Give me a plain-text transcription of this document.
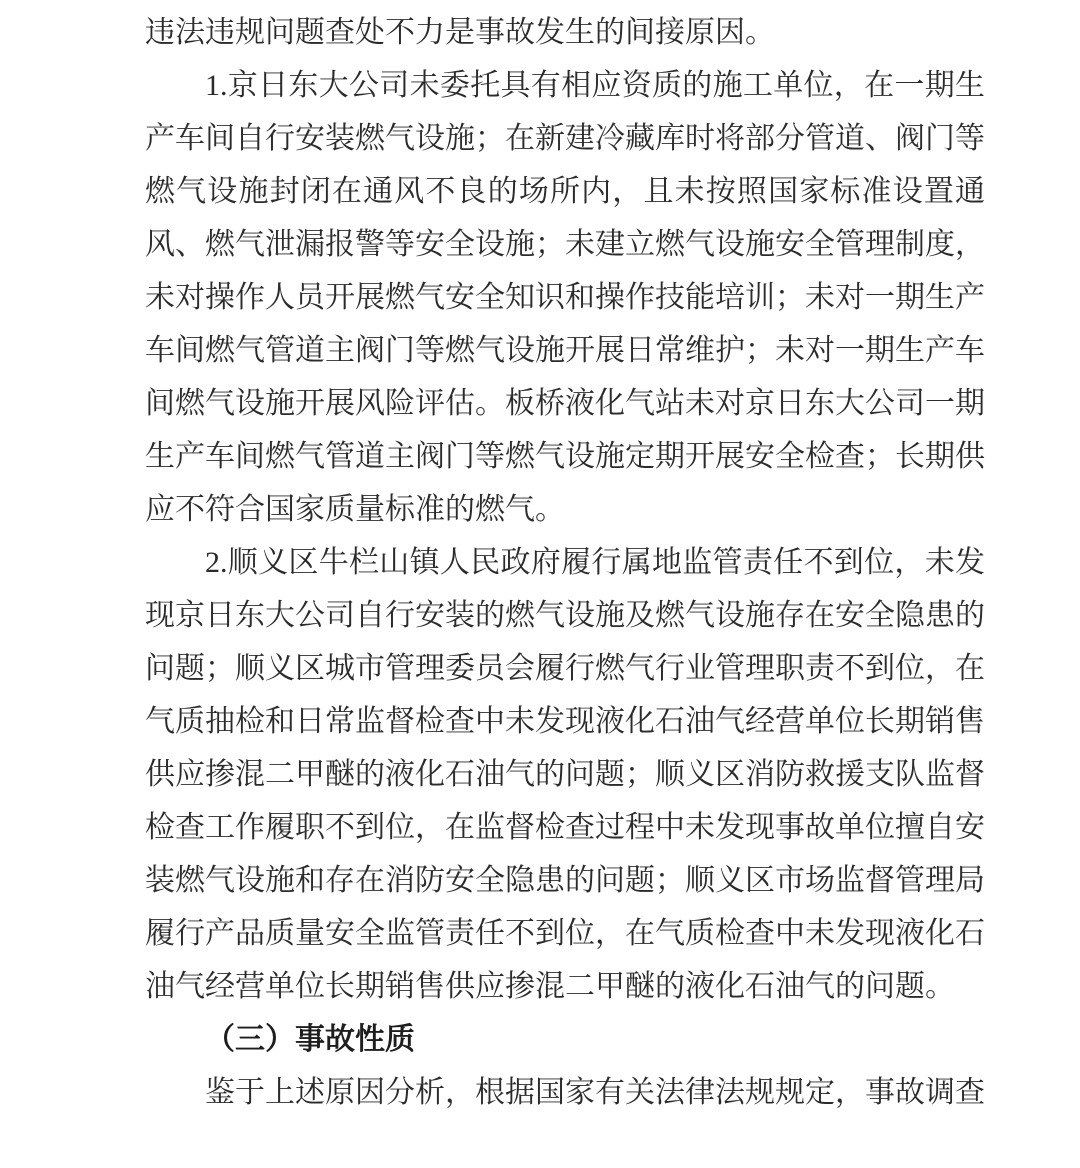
违法违规问题查处不力是事故发生的间接原因。

1.京日东大公司未委托具有相应资质的施工单位，在一期生产车间自行安装燃气设施；在新建冷藏库时将部分管道、阀门等燃气设施封闭在通风不良的场所内，且未按照国家标准设置通风、燃气泄漏报警等安全设施；未建立燃气设施安全管理制度，未对操作人员开展燃气安全知识和操作技能培训；未对一期生产车间燃气管道主阀门等燃气设施开展日常维护；未对一期生产车间燃气设施开展风险评估。板桥液化气站未对京日东大公司一期生产车间燃气管道主阀门等燃气设施定期开展安全检查；长期供应不符合国家质量标准的燃气。

2.顺义区牛栏山镇人民政府履行属地监管责任不到位，未发现京日东大公司自行安装的燃气设施及燃气设施存在安全隐患的问题；顺义区城市管理委员会履行燃气行业管理职责不到位，在气质抽检和日常监督检查中未发现液化石油气经营单位长期销售供应掺混二甲醚的液化石油气的问题；顺义区消防救援支队监督检查工作履职不到位，在监督检查过程中未发现事故单位擅自安装燃气设施和存在消防安全隐患的问题；顺义区市场监督管理局履行产品质量安全监管责任不到位，在气质检查中未发现液化石油气经营单位长期销售供应掺混二甲醚的液化石油气的问题。

（三）事故性质

鉴于上述原因分析，根据国家有关法律法规规定，事故调查
